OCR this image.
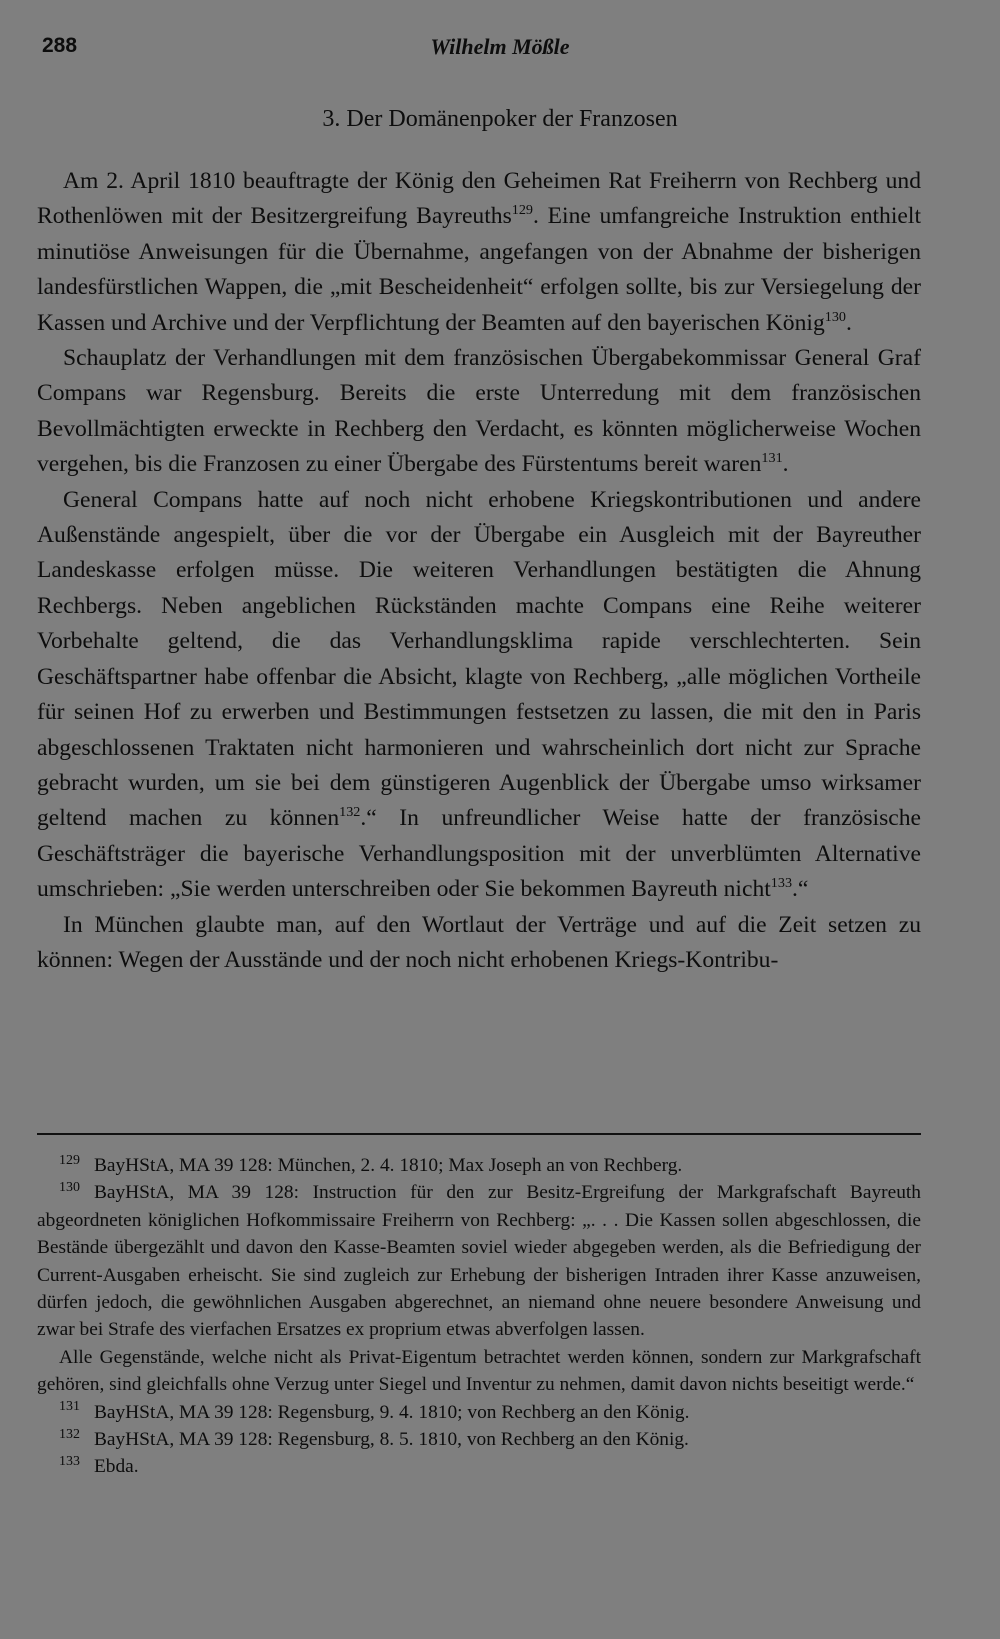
288	Wilhelm Mößle
3. Der Domänenpoker der Franzosen

Am 2. April 1810 beauftragte der König den Geheimen Rat Freiherrn von Rechberg und Rothenlöwen mit der Besitzergreifung Bayreuths$^{129}$. Eine umfangreiche Instruktion enthielt minutiöse Anweisungen für die Übernahme, angefangen von der Abnahme der bisherigen landesfürstlichen Wappen, die „mit Bescheidenheit“ erfolgen sollte, bis zur Versiegelung der Kassen und Archive und der Verpflichtung der Beamten auf den bayerischen König$^{130}$.

Schauplatz der Verhandlungen mit dem französischen Übergabekommissar General Graf Compans war Regensburg. Bereits die erste Unterredung mit dem französischen Bevollmächtigten erweckte in Rechberg den Verdacht, es könnten möglicherweise Wochen vergehen, bis die Franzosen zu einer Übergabe des Fürstentums bereit waren$^{131}$.

General Compans hatte auf noch nicht erhobene Kriegskontributionen und andere Außenstände angespielt, über die vor der Übergabe ein Ausgleich mit der Bayreuther Landeskasse erfolgen müsse. Die weiteren Verhandlungen bestätigten die Ahnung Rechbergs. Neben angeblichen Rückständen machte Compans eine Reihe weiterer Vorbehalte geltend, die das Verhandlungsklima rapide verschlechterten. Sein Geschäftspartner habe offenbar die Absicht, klagte von Rechberg, „alle möglichen Vortheile für seinen Hof zu erwerben und Bestimmungen festsetzen zu lassen, die mit den in Paris abgeschlossenen Traktaten nicht harmonieren und wahrscheinlich dort nicht zur Sprache gebracht wurden, um sie bei dem günstigeren Augenblick der Übergabe umso wirksamer geltend machen zu können$^{132}$.“ In unfreundlicher Weise hatte der französische Geschäftsträger die bayerische Verhandlungsposition mit der unverblümten Alternative umschrieben: „Sie werden unterschreiben oder Sie bekommen Bayreuth nicht$^{133}$.“

In München glaubte man, auf den Wortlaut der Verträge und auf die Zeit setzen zu können: Wegen der Ausstände und der noch nicht erhobenen Kriegs-Kontribu-

$^{129}$ BayHStA, MA 39 128: München, 2. 4. 1810; Max Joseph an von Rechberg.

$^{130}$ BayHStA, MA 39 128: Instruction für den zur Besitz-Ergreifung der Markgrafschaft Bayreuth abgeordneten königlichen Hofkommissaire Freiherrn von Rechberg: „. . . Die Kassen sollen abgeschlossen, die Bestände übergezählt und davon den Kasse-Beamten soviel wieder abgegeben werden, als die Befriedigung der Current-Ausgaben erheischt. Sie sind zugleich zur Erhebung der bisherigen Intraden ihrer Kasse anzuweisen, dürfen jedoch, die gewöhnlichen Ausgaben abgerechnet, an niemand ohne neuere besondere Anweisung und zwar bei Strafe des vierfachen Ersatzes ex proprium etwas abverfolgen lassen.

Alle Gegenstände, welche nicht als Privat-Eigentum betrachtet werden können, sondern zur Markgrafschaft gehören, sind gleichfalls ohne Verzug unter Siegel und Inventur zu nehmen, damit davon nichts beseitigt werde.“

$^{131}$ BayHStA, MA 39 128: Regensburg, 9. 4. 1810; von Rechberg an den König.

$^{132}$ BayHStA, MA 39 128: Regensburg, 8. 5. 1810, von Rechberg an den König.

$^{133}$ Ebda.
